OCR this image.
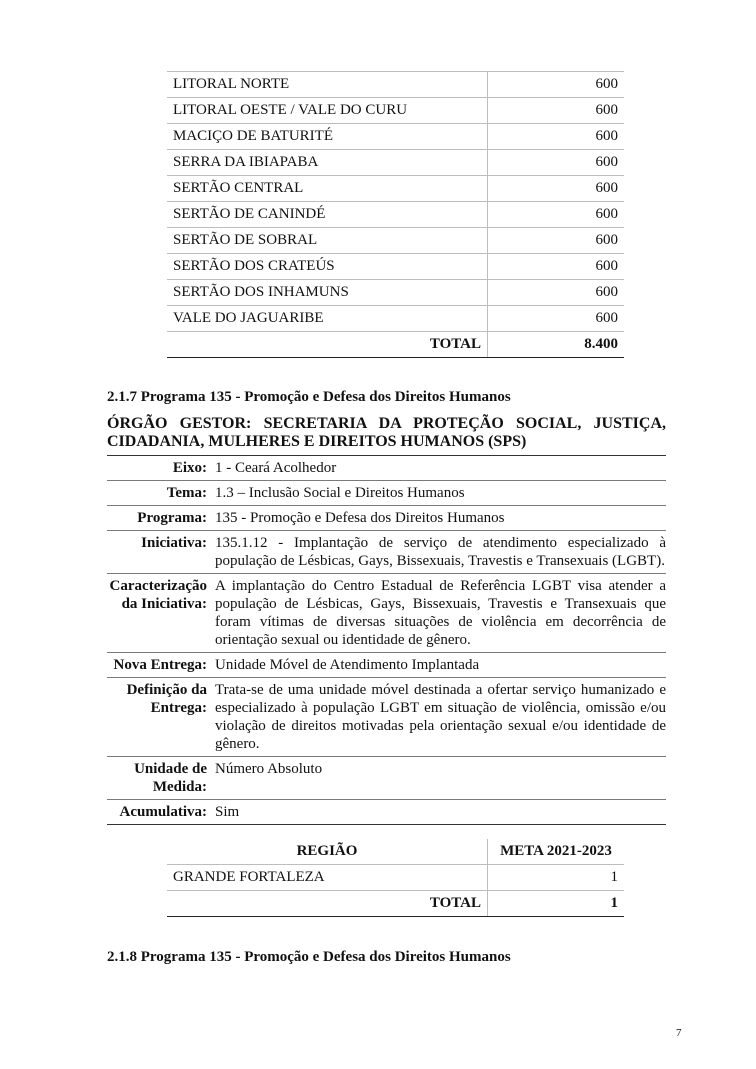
LITORAL NORTE	600
LITORAL OESTE / VALE DO CURU	600
MACIÇO DE BATURITÉ	600
SERRA DA IBIAPABA	600
SERTÃO CENTRAL	600
SERTÃO DE CANINDÉ	600
SERTÃO DE SOBRAL	600
SERTÃO DOS CRATEÚS	600
SERTÃO DOS INHAMUNS	600
VALE DO JAGUARIBE	600
TOTAL	8.400
2.1.7 Programa 135 - Promoção e Defesa dos Direitos Humanos
ÓRGÃO GESTOR: SECRETARIA DA PROTEÇÃO SOCIAL, JUSTIÇA, CIDADANIA, MULHERES E DIREITOS HUMANOS (SPS)
Eixo:	1 - Ceará Acolhedor
Tema:	1.3 – Inclusão Social e Direitos Humanos
Programa:	135 - Promoção e Defesa dos Direitos Humanos
Iniciativa:	135.1.12 - Implantação de serviço de atendimento especializado à população de Lésbicas, Gays, Bissexuais, Travestis e Transexuais (LGBT).
Caracterização da Iniciativa:	A implantação do Centro Estadual de Referência LGBT visa atender a população de Lésbicas, Gays, Bissexuais, Travestis e Transexuais que foram vítimas de diversas situações de violência em decorrência de orientação sexual ou identidade de gênero.
Nova Entrega:	Unidade Móvel de Atendimento Implantada
Definição da Entrega:	Trata-se de uma unidade móvel destinada a ofertar serviço humanizado e especializado à população LGBT em situação de violência, omissão e/ou violação de direitos motivadas pela orientação sexual e/ou identidade de gênero.
Unidade de Medida:	Número Absoluto
Acumulativa:	Sim
REGIÃO	META 2021-2023
GRANDE FORTALEZA	1
TOTAL	1
2.1.8 Programa 135 - Promoção e Defesa dos Direitos Humanos
7
